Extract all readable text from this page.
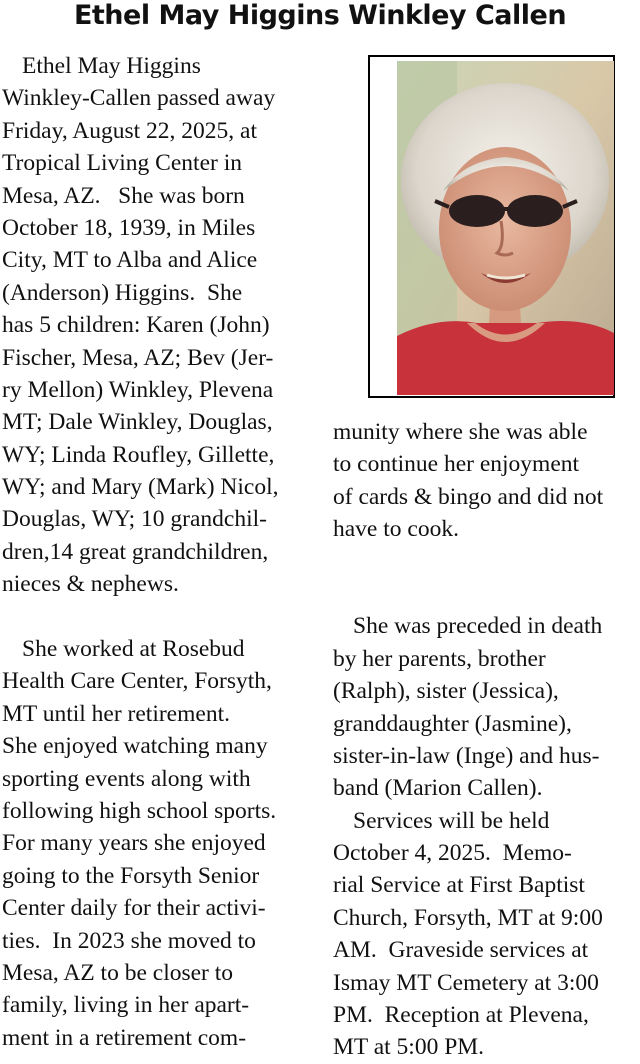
Ethel May Higgins Winkley Callen
Ethel May Higgins
Winkley-Callen passed away
Friday, August 22, 2025, at
Tropical Living Center in
Mesa, AZ.   She was born
October 18, 1939, in Miles
City, MT to Alba and Alice
(Anderson) Higgins.  She
has 5 children: Karen (John)
Fischer, Mesa, AZ; Bev (Jer-
ry Mellon) Winkley, Plevena
MT; Dale Winkley, Douglas,
WY; Linda Roufley, Gillette,
WY; and Mary (Mark) Nicol,
Douglas, WY; 10 grandchil-
dren,14 great grandchildren,
nieces & nephews.
She worked at Rosebud
Health Care Center, Forsyth,
MT until her retirement.
She enjoyed watching many
sporting events along with
following high school sports.
For many years she enjoyed
going to the Forsyth Senior
Center daily for their activi-
ties.  In 2023 she moved to
Mesa, AZ to be closer to
family, living in her apart-
ment in a retirement com-
munity where she was able
to continue her enjoyment
of cards & bingo and did not
have to cook.
She was preceded in death
by her parents, brother
(Ralph), sister (Jessica),
granddaughter (Jasmine),
sister-in-law (Inge) and hus-
band (Marion Callen).
Services will be held
October 4, 2025.  Memo-
rial Service at First Baptist
Church, Forsyth, MT at 9:00
AM.  Graveside services at
Ismay MT Cemetery at 3:00
PM.  Reception at Plevena,
MT at 5:00 PM.
